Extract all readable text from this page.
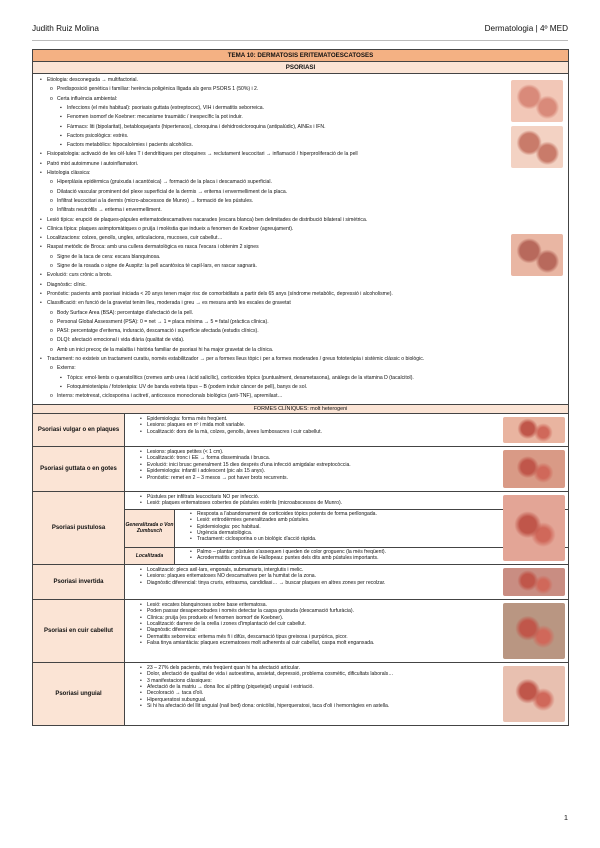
Judith Ruiz Molina	Dermatologia | 4º MED
TEMA 10: DERMATOSIS ERITEMATOESCATOSES
PSORIASI
• Etiologia: desconeguda → multifactorial.
o Predisposició genètica i familiar: herència poligènica lligada als gens PSORS 1 (50%) i 2.
o Certa influència ambiental:
▪ Infeccions (el més habitual): psoriasis guttata (estreptococ), VIH i dermatitis seborreica.
▪ Fenomen isomorf de Koebner: mecanisme traumàtic / inespecífic la pot induir.
▪ Fàrmacs: liti (bipolaritat), betabloquejants (hipertensos), cloroquina i dehidroxicloroquina (antipalúdic), AINEs i IFN.
▪ Factors psicològics: estrès.
▪ Factors metabòlics: hipocalcèmies i pacients alcohòlics.
• Fisiopatologia: activació de les cèl·lules T i dendrítiques per citoquines → reclutament leucocitari → inflamació / hiperproliferació de la pell
• Patró mixt autoimmune i autoinflamatori.
• Histologia clàssica:
o Hiperplàsia epidèrmica (gruixuda i acantòsica) → formació de la placa i descamació superficial.
o Dilatació vascular prominent del plexe superficial de la dermis → eritema i envermelliment de la placa.
o Infiltrat leucocitari a la dermis (micro-abscessos de Munro) → formació de les pústules.
o Infiltrats neutròfils → eritema i envermelliment.
• Lesió típica: erupció de plaques-pàpules eritematodescamatives nacarades (escara blanca) ben delimitades de distribució bilateral i simètrica.
• Clínica típica: plaques asimptomàtiques o pruïja i molèstia que indueix a fenomen de Koebner (agreujament).
• Localitzacions: colzes, genolls, ungles, articulacions, mucoses, cuir cabellut…
• Raspat metòdic de Broca: amb una cullera dermatològica es rasca l'escara i obtenim 2 signes
o Signe de la taca de cera: escara blanquinosa.
o Signe de la rosada o signe de Auspitz: la pell acantòsica té capil·lars, en rascar sagnarà.
• Evolució: curs crònic a brots.
• Diagnòstic: clínic.
• Pronòstic: pacients amb psoriasi iniciada < 20 anys tenen major risc de comorbiditats a partir dels 65 anys (síndrome metabòlic, depressió i alcoholisme).
• Classificació: en funció de la gravetat tenim lleu, moderada i greu → es mesura amb les escales de gravetat
o Body Surface Area (BSA): percentatge d'afectació de la pell.
o Personal Global Assessment (PSA): 0 = net → 1 = placa mínima → 5 = fatal (pràctica clínica).
o PASI: percentatge d'eritema, induració, descamació i superfície afectada (estudis clínics).
o DLQI: afectació emocional i vida diària (qualitat de vida).
o Amb un inici precoç de la malaltia i història familiar de psoriasi hi ha major gravetat de la clínica.
• Tractament: no existeix un tractament curatiu, només estabilitzador → per a formes lleus tòpic i per a formes moderades / greus fototeràpia i sistèmic clàssic o biològic.
o Externs:
▪ Tòpics: emol·lients o queratolítics (cremes amb urea i àcid salicílic), corticoides tòpics (puntualment, dexametasona), anàlegs de la vitamina D (tacalcitol).
▪ Fotoquimioteràpia / fototeràpia: UV de banda estreta tipus – B (podem induir càncer de pell), banys de sol.
o Interns: metotrexat, ciclosporina i acitretí, anticossos monoclonals biològics (anti-TNF), apremilast…
FORMES CLÍNIQUES: molt heterogeni
Psoriasi vulgar o en plaques
• Epidemiologia: forma més freqüent.
• Lesions: plaques en nº i mida molt variable.
• Localització: dors de la mà, colzes, genolls, àrees lumbosacres i cuir cabellut.
Psoriasi guttata o en gotes
• Lesions: plaques petites (< 1 cm).
• Localització: tronc i EE → forma disseminada i brusca.
• Evolució: inici brusc generalment 15 dies després d'una infecció amigdalar estreptocòccia.
• Epidemiologia: infantil i adolescent (pic als 15 anys).
• Pronòstic: remet en 2 – 3 mesos → pot haver brots recurrents.
Psoriasi pustulosa
• Pústules per infiltrats leucocitaris NO per infecció.
• Lesió: plaques eritematoses cobertes de pústules estèrils (microabscessos de Munro).
Generalitzada o Von Zumbusch
• Resposta a l'abandonament de corticoides tòpics potents de forma perllongada.
• Lesió: eritrodèrmies generalitzades amb pústules.
• Epidemiologia: poc habitual.
• Urgència dermatològica.
• Tractament: ciclosporina o un biològic d'acció ràpida.
Localitzada
• Palmo – plantar: pústules s'assequen i queden de color groguenc (la més freqüent).
• Acrodermatitis contínua de Hallopeau: puntes dels dits amb pústules importants.
Psoriasi invertida
• Localització: plecs axil·lars, engonals, submamaris, interglutis i melic.
• Lesions: plaques eritematoses NO descamatives per la humitat de la zona.
• Diagnòstic diferencial: tinya cruris, eritrasma, candidiasi… → buscar plaques en altres zones per recolzar.
Psoriasi en cuir cabellut
• Lesió: escates blanquinoses sobre base eritematosa.
• Poden passar desapercebudes i només detectar la caspa gruixuda (descamació furfuràcia).
• Clínica: pruïja (es produeix el fenomen isomorf de Koebner).
• Localització: darrere de la orella i zones d'implantació del cuir cabellut.
• Diagnòstic diferencial:
• Dermatitis seborreica: eritema més fi i difús, descamació tipus greixosa i purpúrica, picor.
• Falsa tinya amiantàcia: plaques eczematoses molt adherents al cuir cabellut, caspa molt enganxada.
Psoriasi unguial
• 23 – 27% dels pacients, més freqüent quan hi ha afectació articular.
• Dolor, afectació de qualitat de vida i autoestima, ansietat, depressió, problema cosmètic, dificultats laborals…
• 3 manifestacions clàssiques:
• Afectació de la matriu → dona lloc al pitting (piquetejat) unguial i estriació.
• Decoloració → taca d'oli.
• Hiperqueratosi subungual.
• Si hi ha afectació del llit unguial (nail bed) dona: onicòlisi, hiperqueratosi, taca d'oli i hemorràgies en astella.
1
